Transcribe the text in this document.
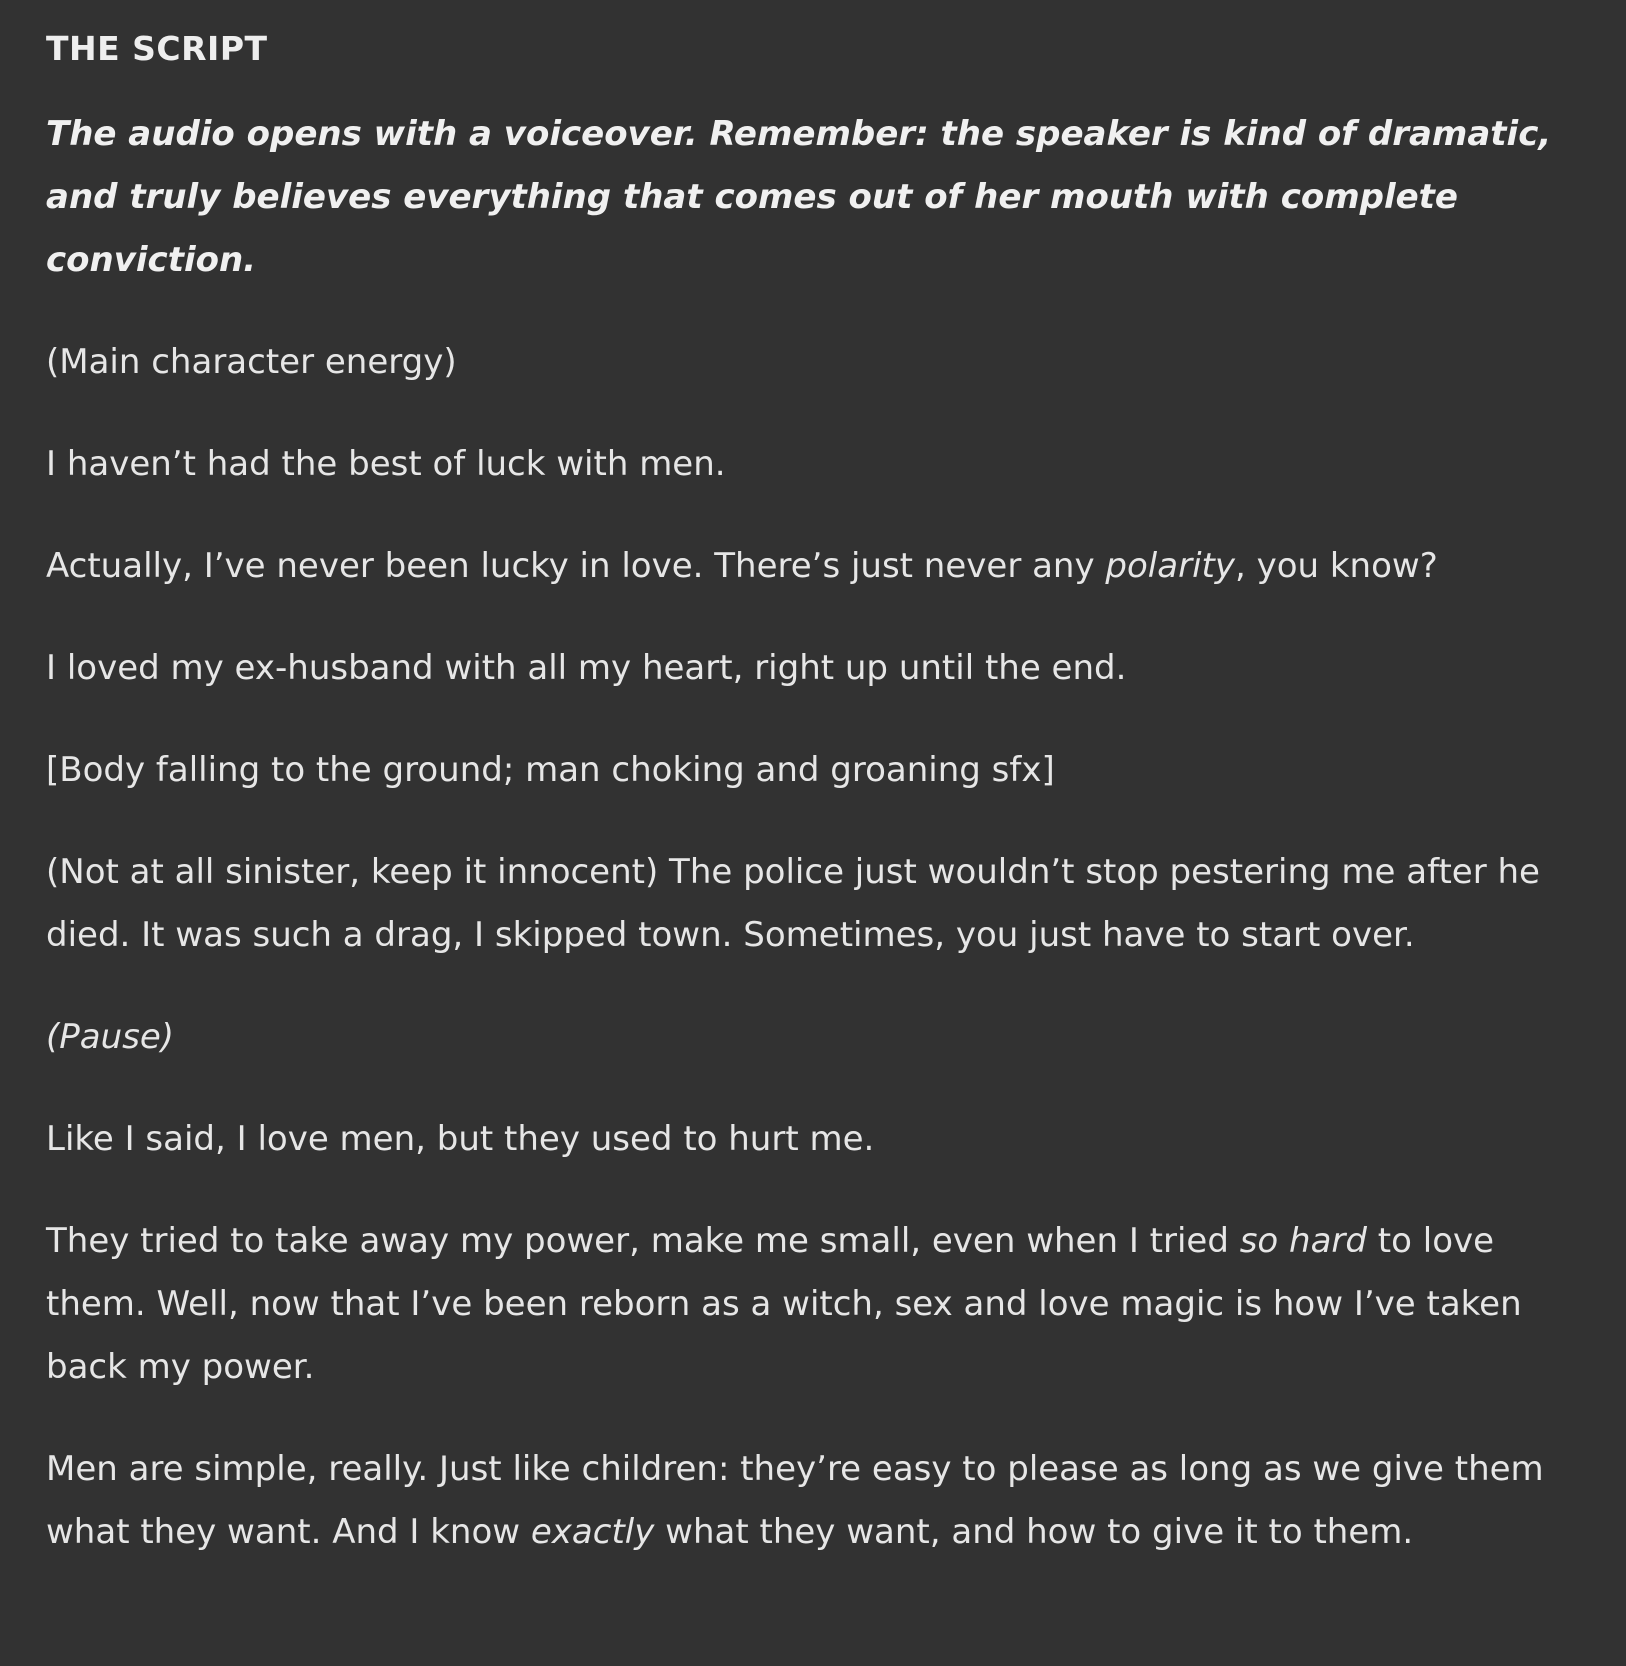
THE SCRIPT
The audio opens with a voiceover. Remember: the speaker is kind of dramatic, and truly believes everything that comes out of her mouth with complete conviction.
(Main character energy)
I haven’t had the best of luck with men.
Actually, I’ve never been lucky in love. There’s just never any polarity, you know?
I loved my ex-husband with all my heart, right up until the end.
[Body falling to the ground; man choking and groaning sfx]
(Not at all sinister, keep it innocent) The police just wouldn’t stop pestering me after he died. It was such a drag, I skipped town. Sometimes, you just have to start over.
(Pause)
Like I said, I love men, but they used to hurt me.
They tried to take away my power, make me small, even when I tried so hard to love them. Well, now that I’ve been reborn as a witch, sex and love magic is how I’ve taken back my power.
Men are simple, really. Just like children: they’re easy to please as long as we give them what they want. And I know exactly what they want, and how to give it to them.
